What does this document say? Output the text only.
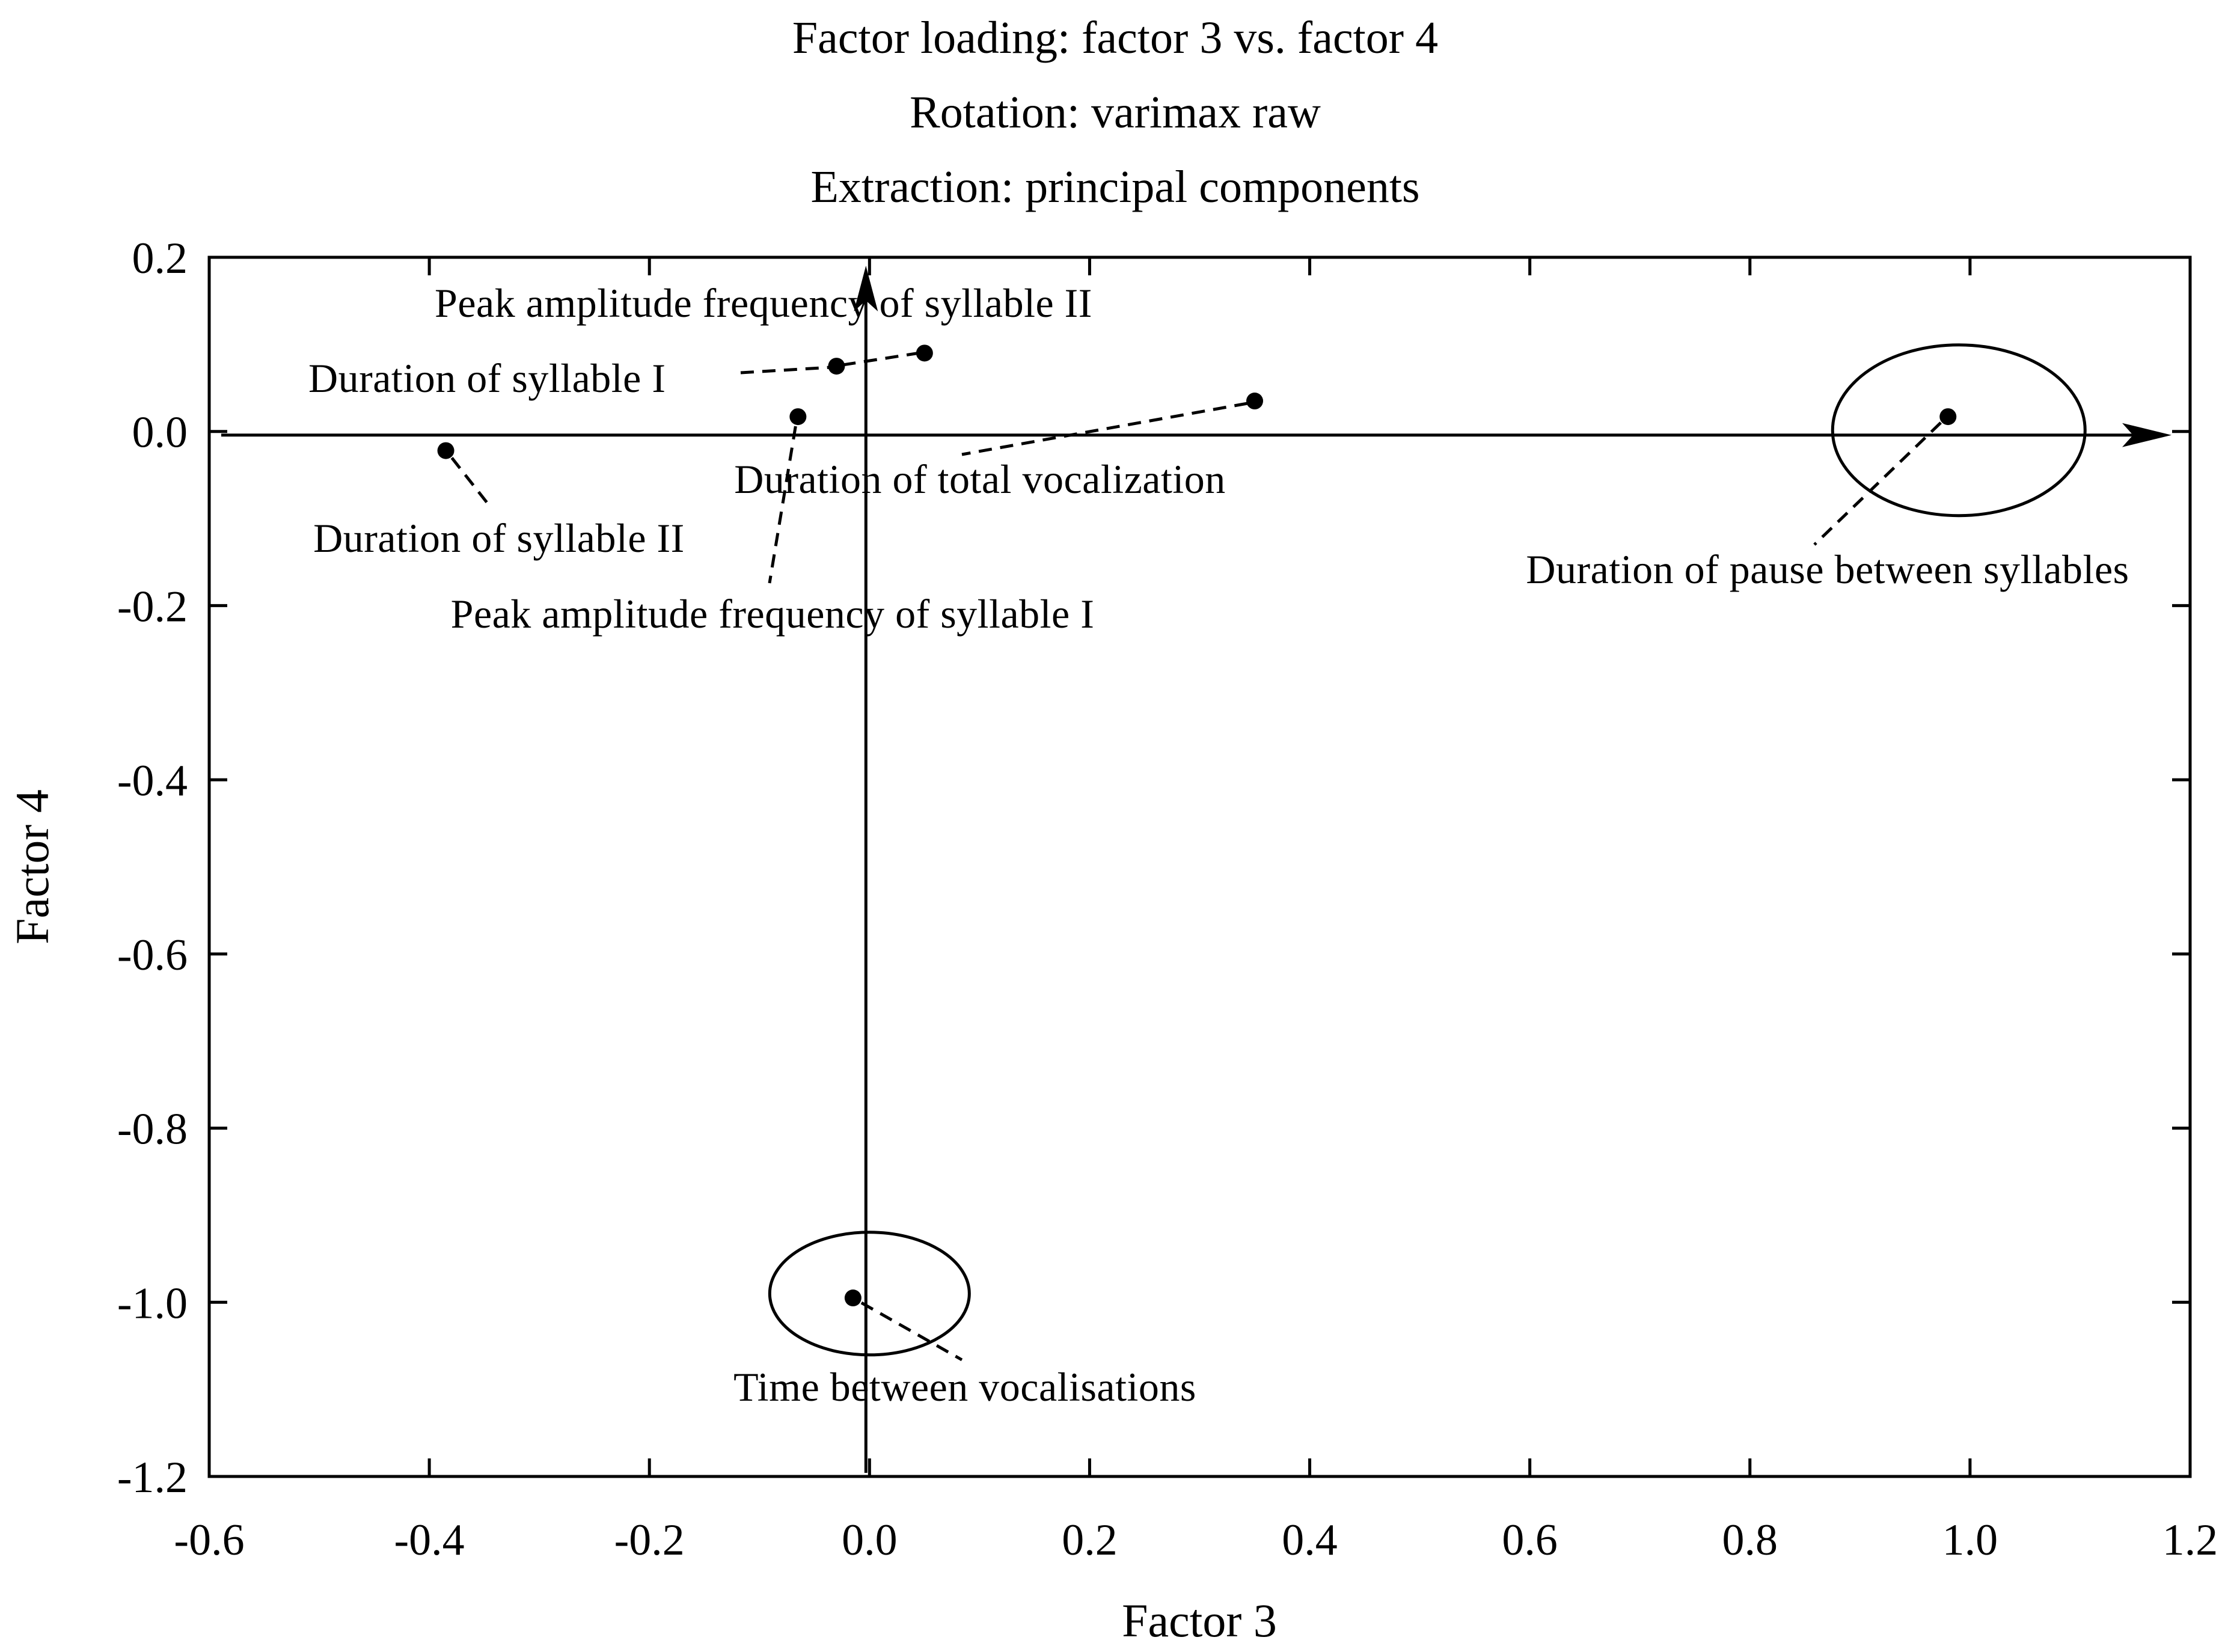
Factor loading: factor 3 vs. factor 4
Rotation: varimax raw
Extraction: principal components
-0.6	-0.4	-0.2	0.0	0.2	0.4	0.6	0.8	1.0	1.2
0.2
0.0
-0.2
-0.4
-0.6
-0.8
-1.0
-1.2
Peak amplitude frequency of syllable II
Duration of syllable I
Peak amplitude frequency of syllable I
Duration of total vocalization
Duration of syllable II
Duration of pause between syllables
Time between vocalisations
Factor 3
Factor 4
